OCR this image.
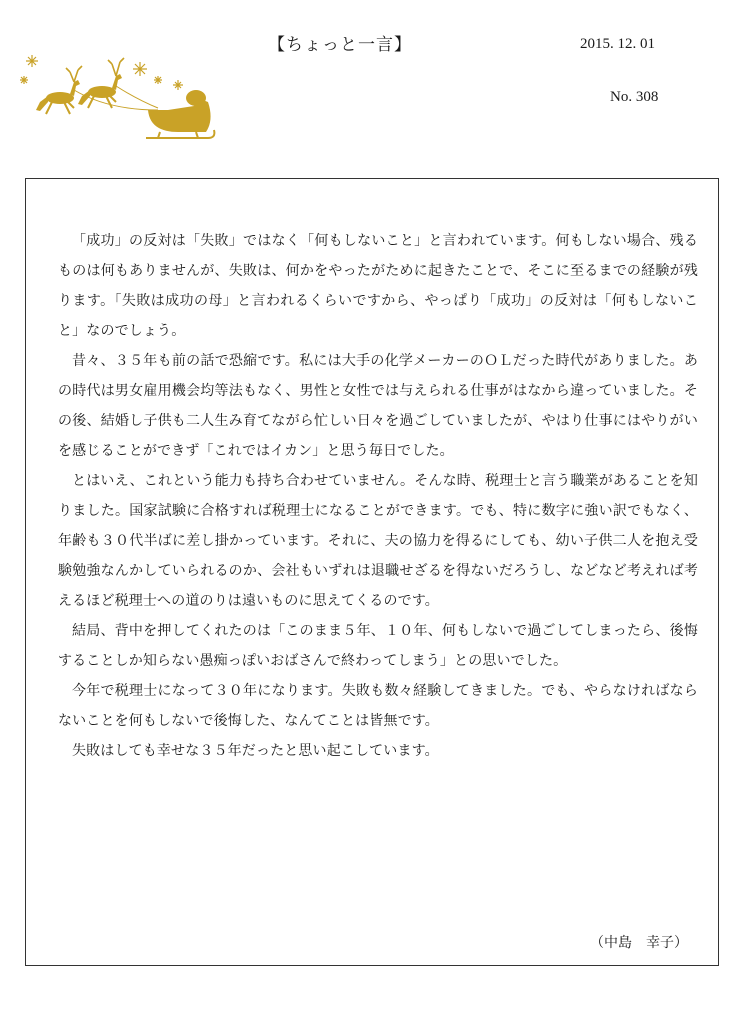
【ちょっと一言】	2015. 12. 01
No. 308

「成功」の反対は「失敗」ではなく「何もしないこと」と言われています。何もしない場合、残るものは何もありませんが、失敗は、何かをやったがために起きたことで、そこに至るまでの経験が残ります。「失敗は成功の母」と言われるくらいですから、やっぱり「成功」の反対は「何もしないこと」なのでしょう。

昔々、３５年も前の話で恐縮です。私には大手の化学メーカーのＯＬだった時代がありました。あの時代は男女雇用機会均等法もなく、男性と女性では与えられる仕事がはなから違っていました。その後、結婚し子供も二人生み育てながら忙しい日々を過ごしていましたが、やはり仕事にはやりがいを感じることができず「これではイカン」と思う毎日でした。

とはいえ、これという能力も持ち合わせていません。そんな時、税理士と言う職業があることを知りました。国家試験に合格すれば税理士になることができます。でも、特に数字に強い訳でもなく、年齢も３０代半ばに差し掛かっています。それに、夫の協力を得るにしても、幼い子供二人を抱え受験勉強なんかしていられるのか、会社もいずれは退職せざるを得ないだろうし、などなど考えれば考えるほど税理士への道のりは遠いものに思えてくるのです。

結局、背中を押してくれたのは「このまま５年、１０年、何もしないで過ごしてしまったら、後悔することしか知らない愚痴っぽいおばさんで終わってしまう」との思いでした。

今年で税理士になって３０年になります。失敗も数々経験してきました。でも、やらなければならないことを何もしないで後悔した、なんてことは皆無です。

失敗はしても幸せな３５年だったと思い起こしています。

（中島　幸子）
